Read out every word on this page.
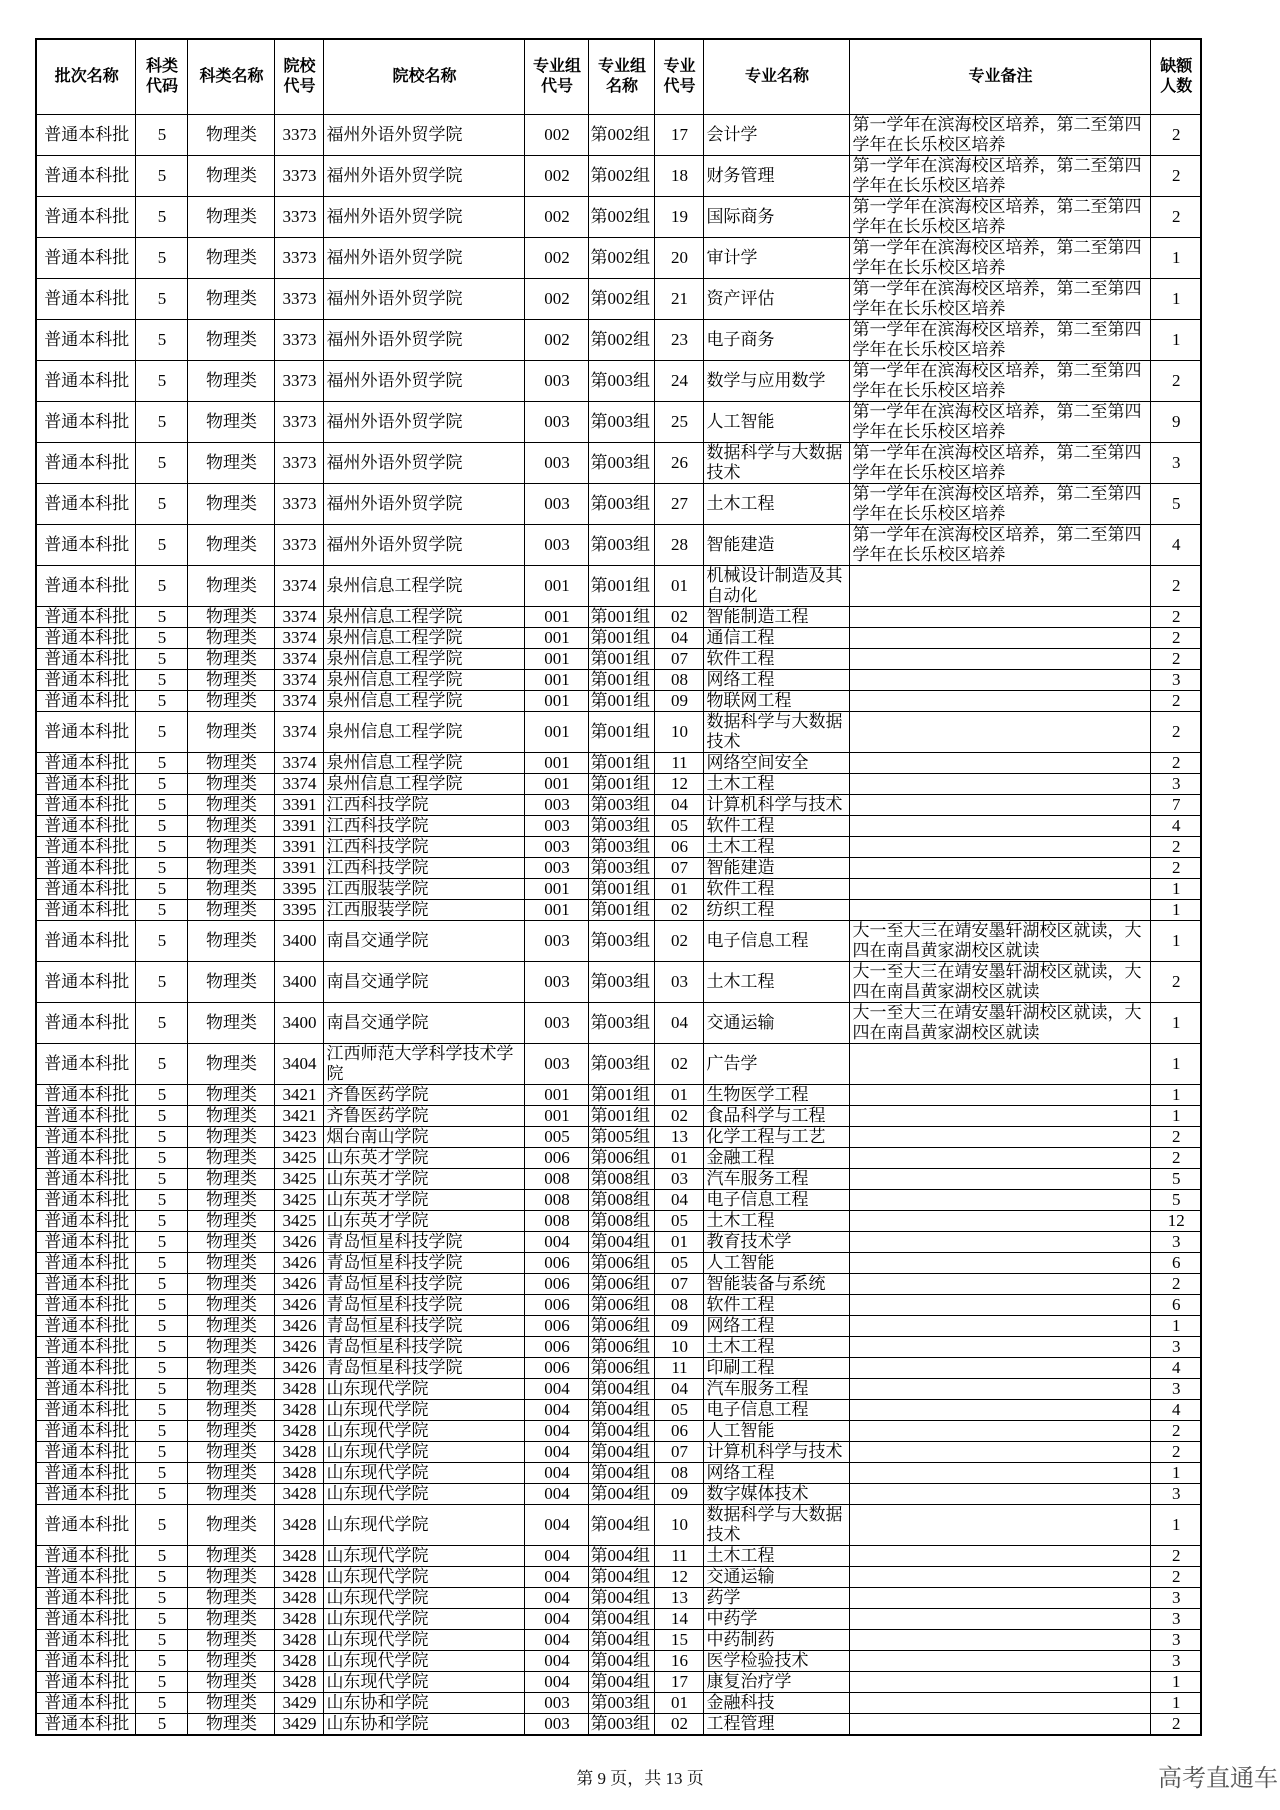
批次名称	科类代码	科类名称	院校代号	院校名称	专业组代号	专业组名称	专业代号	专业名称	专业备注	缺额人数
普通本科批	5	物理类	3373	福州外语外贸学院	002	第002组	17	会计学	第一学年在滨海校区培养，第二至第四学年在长乐校区培养	2
普通本科批	5	物理类	3373	福州外语外贸学院	002	第002组	18	财务管理	第一学年在滨海校区培养，第二至第四学年在长乐校区培养	2
普通本科批	5	物理类	3373	福州外语外贸学院	002	第002组	19	国际商务	第一学年在滨海校区培养，第二至第四学年在长乐校区培养	2
普通本科批	5	物理类	3373	福州外语外贸学院	002	第002组	20	审计学	第一学年在滨海校区培养，第二至第四学年在长乐校区培养	1
普通本科批	5	物理类	3373	福州外语外贸学院	002	第002组	21	资产评估	第一学年在滨海校区培养，第二至第四学年在长乐校区培养	1
普通本科批	5	物理类	3373	福州外语外贸学院	002	第002组	23	电子商务	第一学年在滨海校区培养，第二至第四学年在长乐校区培养	1
普通本科批	5	物理类	3373	福州外语外贸学院	003	第003组	24	数学与应用数学	第一学年在滨海校区培养，第二至第四学年在长乐校区培养	2
普通本科批	5	物理类	3373	福州外语外贸学院	003	第003组	25	人工智能	第一学年在滨海校区培养，第二至第四学年在长乐校区培养	9
普通本科批	5	物理类	3373	福州外语外贸学院	003	第003组	26	数据科学与大数据技术	第一学年在滨海校区培养，第二至第四学年在长乐校区培养	3
普通本科批	5	物理类	3373	福州外语外贸学院	003	第003组	27	土木工程	第一学年在滨海校区培养，第二至第四学年在长乐校区培养	5
普通本科批	5	物理类	3373	福州外语外贸学院	003	第003组	28	智能建造	第一学年在滨海校区培养，第二至第四学年在长乐校区培养	4
普通本科批	5	物理类	3374	泉州信息工程学院	001	第001组	01	机械设计制造及其自动化		2
普通本科批	5	物理类	3374	泉州信息工程学院	001	第001组	02	智能制造工程		2
普通本科批	5	物理类	3374	泉州信息工程学院	001	第001组	04	通信工程		2
普通本科批	5	物理类	3374	泉州信息工程学院	001	第001组	07	软件工程		2
普通本科批	5	物理类	3374	泉州信息工程学院	001	第001组	08	网络工程		3
普通本科批	5	物理类	3374	泉州信息工程学院	001	第001组	09	物联网工程		2
普通本科批	5	物理类	3374	泉州信息工程学院	001	第001组	10	数据科学与大数据技术		2
普通本科批	5	物理类	3374	泉州信息工程学院	001	第001组	11	网络空间安全		2
普通本科批	5	物理类	3374	泉州信息工程学院	001	第001组	12	土木工程		3
普通本科批	5	物理类	3391	江西科技学院	003	第003组	04	计算机科学与技术		7
普通本科批	5	物理类	3391	江西科技学院	003	第003组	05	软件工程		4
普通本科批	5	物理类	3391	江西科技学院	003	第003组	06	土木工程		2
普通本科批	5	物理类	3391	江西科技学院	003	第003组	07	智能建造		2
普通本科批	5	物理类	3395	江西服装学院	001	第001组	01	软件工程		1
普通本科批	5	物理类	3395	江西服装学院	001	第001组	02	纺织工程		1
普通本科批	5	物理类	3400	南昌交通学院	003	第003组	02	电子信息工程	大一至大三在靖安墨轩湖校区就读，大四在南昌黄家湖校区就读	1
普通本科批	5	物理类	3400	南昌交通学院	003	第003组	03	土木工程	大一至大三在靖安墨轩湖校区就读，大四在南昌黄家湖校区就读	2
普通本科批	5	物理类	3400	南昌交通学院	003	第003组	04	交通运输	大一至大三在靖安墨轩湖校区就读，大四在南昌黄家湖校区就读	1
普通本科批	5	物理类	3404	江西师范大学科学技术学院	003	第003组	02	广告学		1
普通本科批	5	物理类	3421	齐鲁医药学院	001	第001组	01	生物医学工程		1
普通本科批	5	物理类	3421	齐鲁医药学院	001	第001组	02	食品科学与工程		1
普通本科批	5	物理类	3423	烟台南山学院	005	第005组	13	化学工程与工艺		2
普通本科批	5	物理类	3425	山东英才学院	006	第006组	01	金融工程		2
普通本科批	5	物理类	3425	山东英才学院	008	第008组	03	汽车服务工程		5
普通本科批	5	物理类	3425	山东英才学院	008	第008组	04	电子信息工程		5
普通本科批	5	物理类	3425	山东英才学院	008	第008组	05	土木工程		12
普通本科批	5	物理类	3426	青岛恒星科技学院	004	第004组	01	教育技术学		3
普通本科批	5	物理类	3426	青岛恒星科技学院	006	第006组	05	人工智能		6
普通本科批	5	物理类	3426	青岛恒星科技学院	006	第006组	07	智能装备与系统		2
普通本科批	5	物理类	3426	青岛恒星科技学院	006	第006组	08	软件工程		6
普通本科批	5	物理类	3426	青岛恒星科技学院	006	第006组	09	网络工程		1
普通本科批	5	物理类	3426	青岛恒星科技学院	006	第006组	10	土木工程		3
普通本科批	5	物理类	3426	青岛恒星科技学院	006	第006组	11	印刷工程		4
普通本科批	5	物理类	3428	山东现代学院	004	第004组	04	汽车服务工程		3
普通本科批	5	物理类	3428	山东现代学院	004	第004组	05	电子信息工程		4
普通本科批	5	物理类	3428	山东现代学院	004	第004组	06	人工智能		2
普通本科批	5	物理类	3428	山东现代学院	004	第004组	07	计算机科学与技术		2
普通本科批	5	物理类	3428	山东现代学院	004	第004组	08	网络工程		1
普通本科批	5	物理类	3428	山东现代学院	004	第004组	09	数字媒体技术		3
普通本科批	5	物理类	3428	山东现代学院	004	第004组	10	数据科学与大数据技术		1
普通本科批	5	物理类	3428	山东现代学院	004	第004组	11	土木工程		2
普通本科批	5	物理类	3428	山东现代学院	004	第004组	12	交通运输		2
普通本科批	5	物理类	3428	山东现代学院	004	第004组	13	药学		3
普通本科批	5	物理类	3428	山东现代学院	004	第004组	14	中药学		3
普通本科批	5	物理类	3428	山东现代学院	004	第004组	15	中药制药		3
普通本科批	5	物理类	3428	山东现代学院	004	第004组	16	医学检验技术		3
普通本科批	5	物理类	3428	山东现代学院	004	第004组	17	康复治疗学		1
普通本科批	5	物理类	3429	山东协和学院	003	第003组	01	金融科技		1
普通本科批	5	物理类	3429	山东协和学院	003	第003组	02	工程管理		2
第 9 页，共 13 页	高考直通车
